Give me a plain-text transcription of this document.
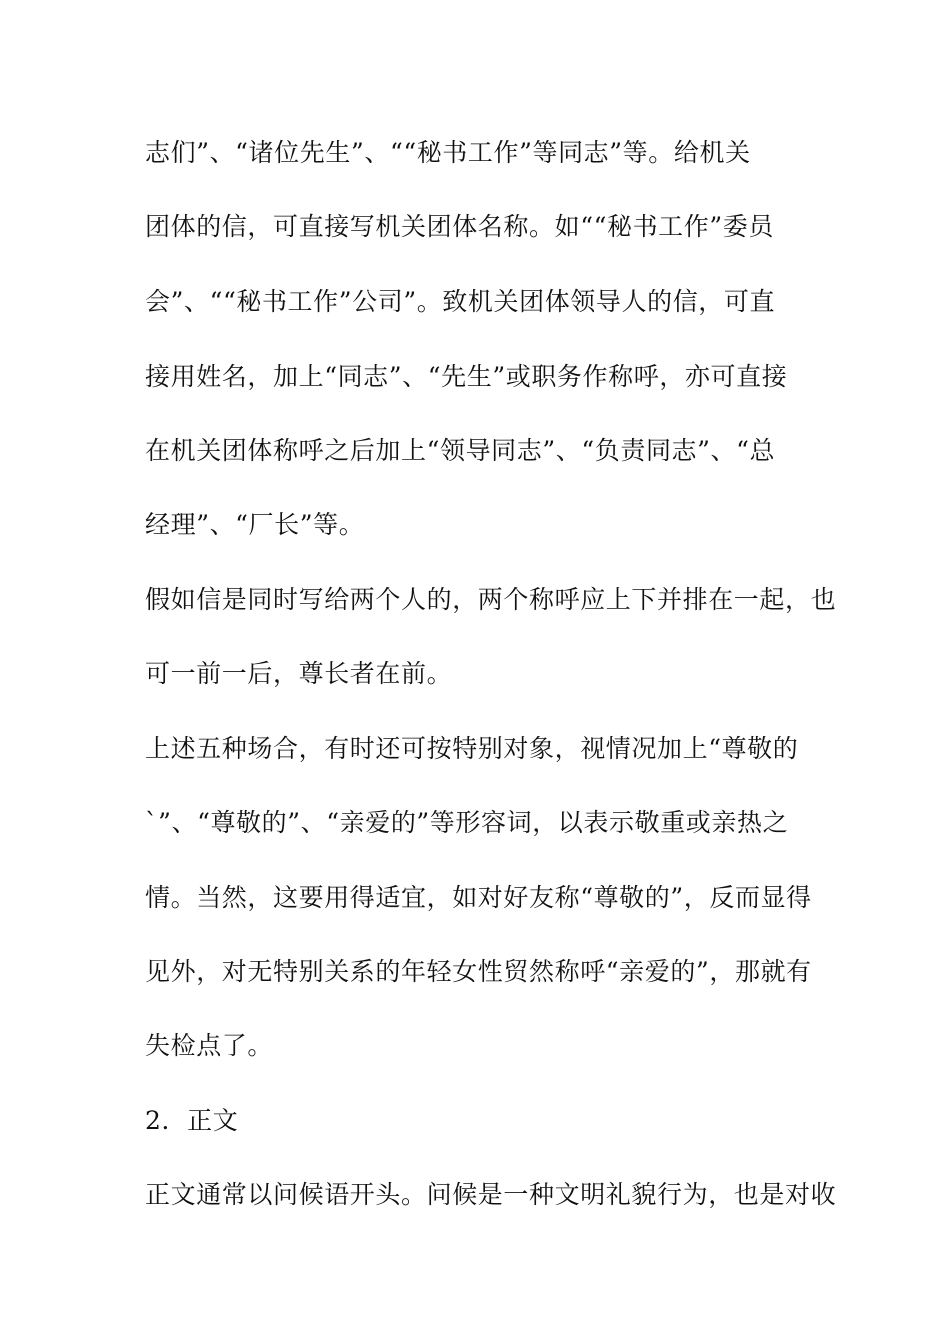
志们”、“诸位先生”、““秘书工作”等同志”等。给机关
团体的信，可直接写机关团体名称。如““秘书工作”委员
会”、““秘书工作”公司”。致机关团体领导人的信，可直
接用姓名，加上“同志”、“先生”或职务作称呼，亦可直接
在机关团体称呼之后加上“领导同志”、“负责同志”、“总
经理”、“厂长”等。
假如信是同时写给两个人的，两个称呼应上下并排在一起，也
可一前一后，尊长者在前。
上述五种场合，有时还可按特别对象，视情况加上“尊敬的
`”、“尊敬的”、“亲爱的”等形容词，以表示敬重或亲热之
情。当然，这要用得适宜，如对好友称“尊敬的”，反而显得
见外，对无特别关系的年轻女性贸然称呼“亲爱的”，那就有
失检点了。
2．正文
正文通常以问候语开头。问候是一种文明礼貌行为，也是对收
